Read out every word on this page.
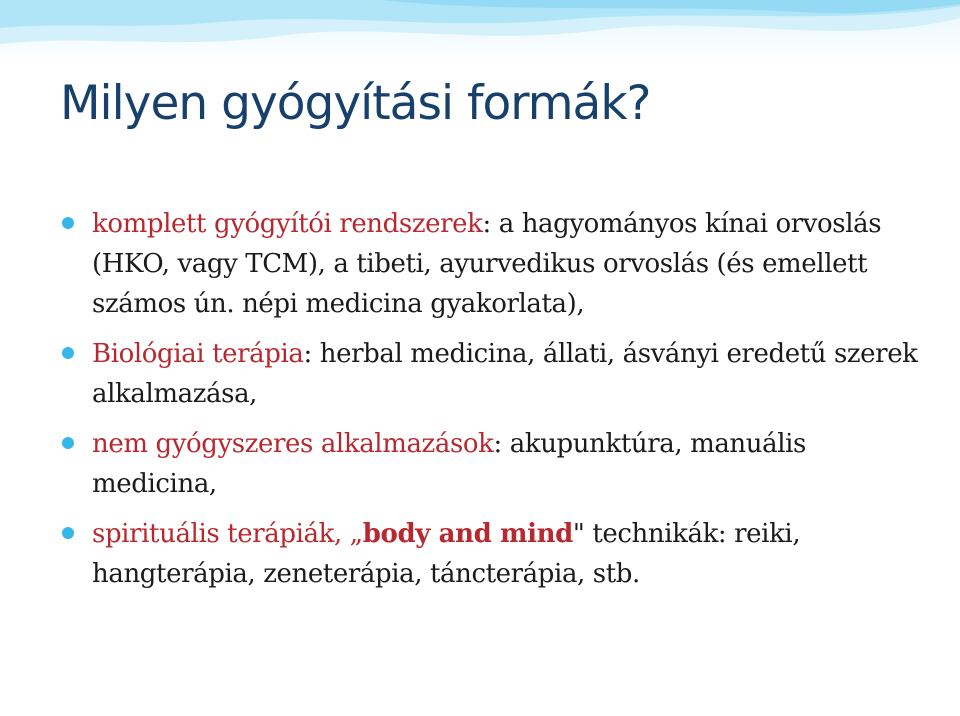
Milyen gyógyítási formák?
komplett gyógyítói rendszerek: a hagyományos kínai orvoslás (HKO, vagy TCM), a tibeti, ayurvedikus orvoslás (és emellett számos ún. népi medicina gyakorlata),
Biológiai terápia: herbal medicina, állati, ásványi eredetű szerek alkalmazása,
nem gyógyszeres alkalmazások: akupunktúra, manuális medicina,
spirituális terápiák, „body and mind" technikák: reiki, hangterápia, zeneterápia, táncterápia, stb.
